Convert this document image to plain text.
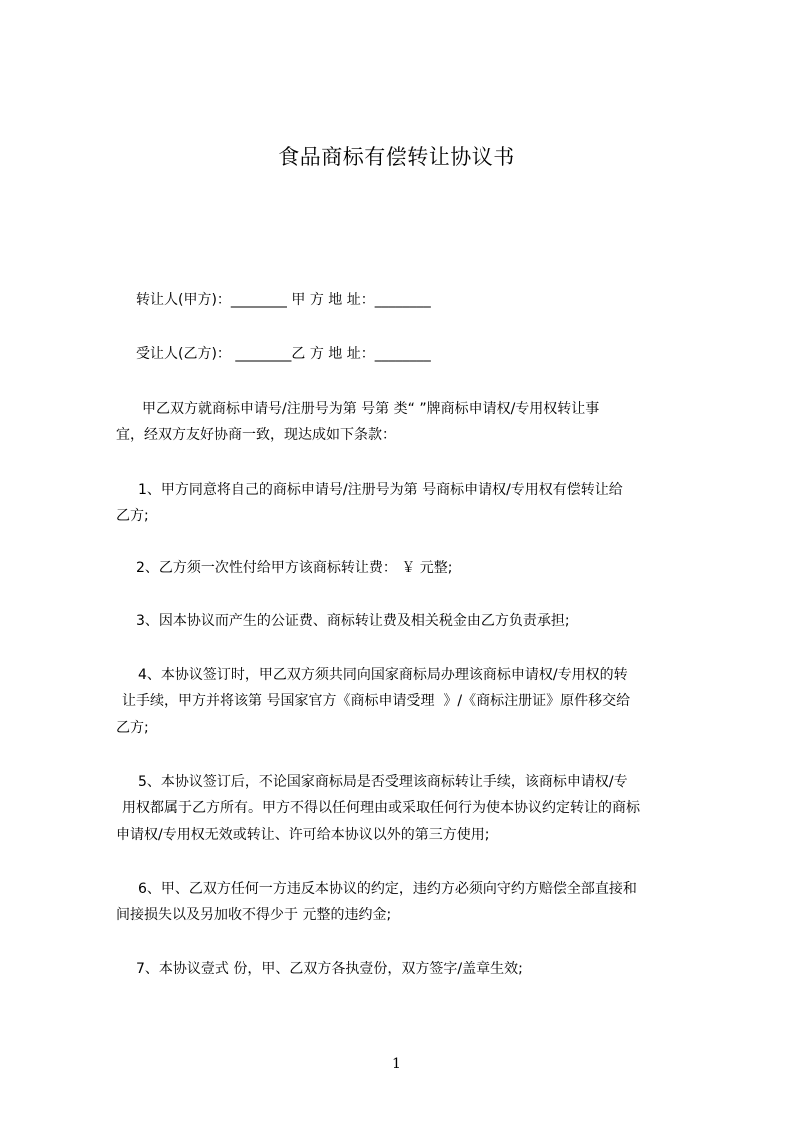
食品商标有偿转让协议书
转让人(甲方)：________ 甲 方 地 址：________
受让人(乙方)： ________乙 方 地 址：________
甲乙双方就商标申请号/注册号为第 号第 类“ ”牌商标申请权/专用权转让事
宜，经双方友好协商一致，现达成如下条款：
1、甲方同意将自己的商标申请号/注册号为第 号商标申请权/专用权有偿转让给
乙方;
2、乙方须一次性付给甲方该商标转让费： ￥ 元整;
3、因本协议而产生的公证费、商标转让费及相关税金由乙方负责承担;
4、本协议签订时，甲乙双方须共同向国家商标局办理该商标申请权/专用权的转
让手续，甲方并将该第 号国家官方《商标申请受理  》/《商标注册证》原件移交给
乙方;
5、本协议签订后，不论国家商标局是否受理该商标转让手续，该商标申请权/专
用权都属于乙方所有。甲方不得以任何理由或采取任何行为使本协议约定转让的商标
申请权/专用权无效或转让、许可给本协议以外的第三方使用;
6、甲、乙双方任何一方违反本协议的约定，违约方必须向守约方赔偿全部直接和
间接损失以及另加收不得少于 元整的违约金;
7、本协议壹式 份，甲、乙双方各执壹份，双方签字/盖章生效;
1
